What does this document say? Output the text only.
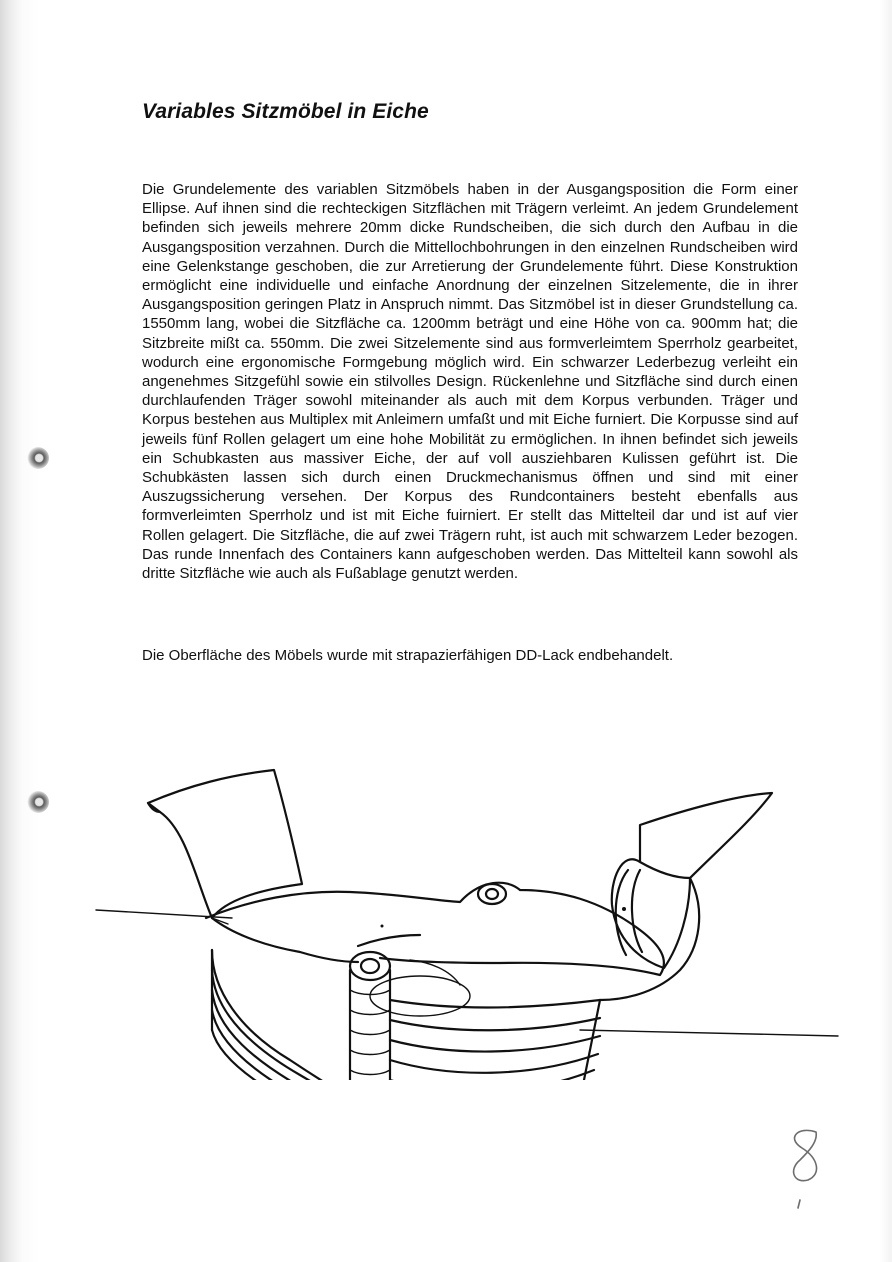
Variables Sitzmöbel in Eiche

Die Grundelemente des variablen Sitzmöbels haben in der Ausgangsposition die Form einer Ellipse. Auf ihnen sind die rechteckigen Sitzflächen mit Trägern verleimt. An jedem Grundelement befinden sich jeweils mehrere 20mm dicke Rundscheiben, die sich durch den Aufbau in die Ausgangsposition verzahnen. Durch die Mittellochbohrungen in den einzelnen Rundscheiben wird eine Gelenkstange geschoben, die zur Arretierung der Grundelemente führt. Diese Konstruktion ermöglicht eine individuelle und einfache Anordnung der einzelnen Sitzelemente, die in ihrer Ausgangsposition geringen Platz in Anspruch nimmt. Das Sitzmöbel ist in dieser Grundstellung ca. 1550mm lang, wobei die Sitzfläche ca. 1200mm beträgt und eine Höhe von ca. 900mm hat; die Sitzbreite mißt ca. 550mm. Die zwei Sitzelemente sind aus formverleimtem Sperrholz gearbeitet, wodurch eine ergonomische Formgebung möglich wird. Ein schwarzer Lederbezug verleiht ein angenehmes Sitzgefühl sowie ein stilvolles Design. Rückenlehne und Sitzfläche sind durch einen durchlaufenden Träger sowohl miteinander als auch mit dem Korpus verbunden. Träger und Korpus bestehen aus Multiplex mit Anleimern umfaßt und mit Eiche furniert. Die Korpusse sind auf jeweils fünf Rollen gelagert um eine hohe Mobilität zu ermöglichen. In ihnen befindet sich jeweils ein Schubkasten aus massiver Eiche, der auf voll ausziehbaren Kulissen geführt ist. Die Schubkästen lassen sich durch einen Druckmechanismus öffnen und sind mit einer Auszugssicherung versehen. Der Korpus des Rundcontainers besteht ebenfalls aus formverleimten Sperrholz und ist mit Eiche fuirniert. Er stellt das Mittelteil dar und ist auf vier Rollen gelagert. Die Sitzfläche, die auf zwei Trägern ruht, ist auch mit schwarzem Leder bezogen. Das runde Innenfach des Containers kann aufgeschoben werden. Das Mittelteil kann sowohl als dritte Sitzfläche wie auch als Fußablage genutzt werden.

Die Oberfläche des Möbels wurde mit strapazierfähigen DD-Lack endbehandelt.
